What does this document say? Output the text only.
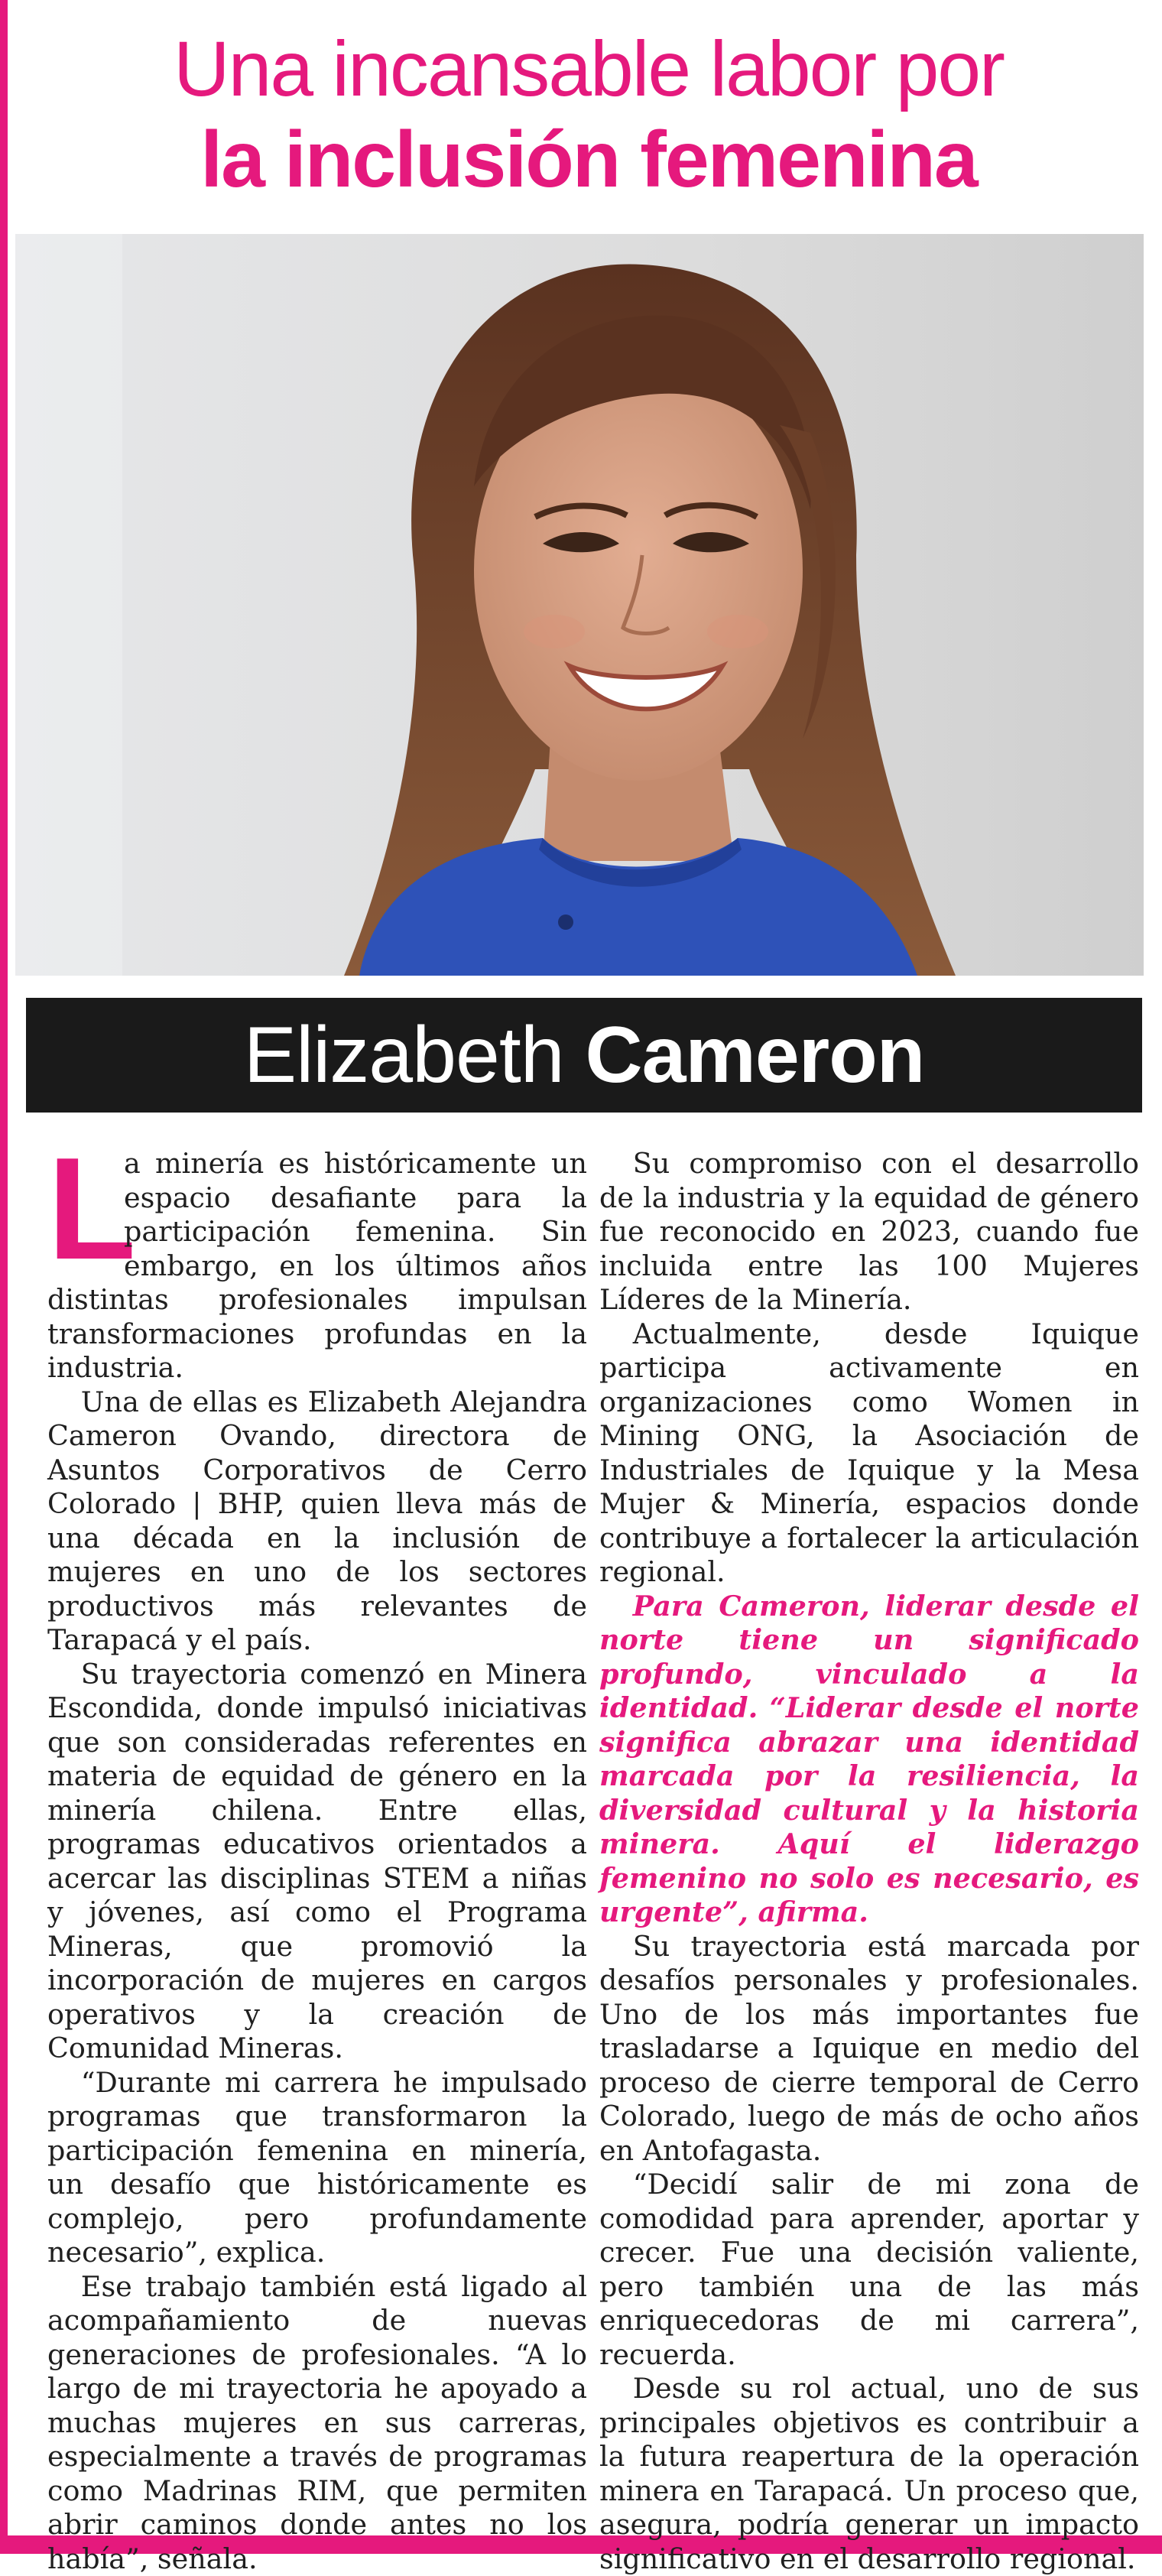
Una incansable labor por
la inclusión femenina
Elizabeth Cameron

L
a minería es históricamente un espacio desafiante para la participación femenina. Sin embargo, en los últimos años distintas profesionales impulsan transformaciones profundas en la industria.

Una de ellas es Elizabeth Alejandra Cameron Ovando, directora de Asuntos Corporativos de Cerro Colorado | BHP, quien lleva más de una década en la inclusión de mujeres en uno de los sectores productivos más relevantes de Tarapacá y el país.

Su trayectoria comenzó en Minera Escondida, donde impulsó iniciativas que son consideradas referentes en materia de equidad de género en la minería chilena. Entre ellas, programas educativos orientados a acercar las disciplinas STEM a niñas y jóvenes, así como el Programa Mineras, que promovió la incorporación de mujeres en cargos operativos y la creación de Comunidad Mineras.

“Durante mi carrera he impulsado programas que transformaron la participación femenina en minería, un desafío que históricamente es complejo, pero profundamente necesario”, explica.

Ese trabajo también está ligado al acompañamiento de nuevas generaciones de profesionales. “A lo largo de mi trayectoria he apoyado a muchas mujeres en sus carreras, especialmente a través de programas como Madrinas RIM, que permiten abrir caminos donde antes no los había”, señala.

Su compromiso con el desarrollo de la industria y la equidad de género fue reconocido en 2023, cuando fue incluida entre las 100 Mujeres Líderes de la Minería.

Actualmente, desde Iquique participa activamente en organizaciones como Women in Mining ONG, la Asociación de Industriales de Iquique y la Mesa Mujer & Minería, espacios donde contribuye a fortalecer la articulación regional.

Para Cameron, liderar desde el norte tiene un significado profundo, vinculado a la identidad. “Liderar desde el norte significa abrazar una identidad marcada por la resiliencia, la diversidad cultural y la historia minera. Aquí el liderazgo femenino no solo es necesario, es urgente”, afirma.

Su trayectoria está marcada por desafíos personales y profesionales. Uno de los más importantes fue trasladarse a Iquique en medio del proceso de cierre temporal de Cerro Colorado, luego de más de ocho años en Antofagasta.

“Decidí salir de mi zona de comodidad para aprender, aportar y crecer. Fue una decisión valiente, pero también una de las más enriquecedoras de mi carrera”, recuerda.

Desde su rol actual, uno de sus principales objetivos es contribuir a la futura reapertura de la operación minera en Tarapacá. Un proceso que, asegura, podría generar un impacto significativo en el desarrollo regional.
